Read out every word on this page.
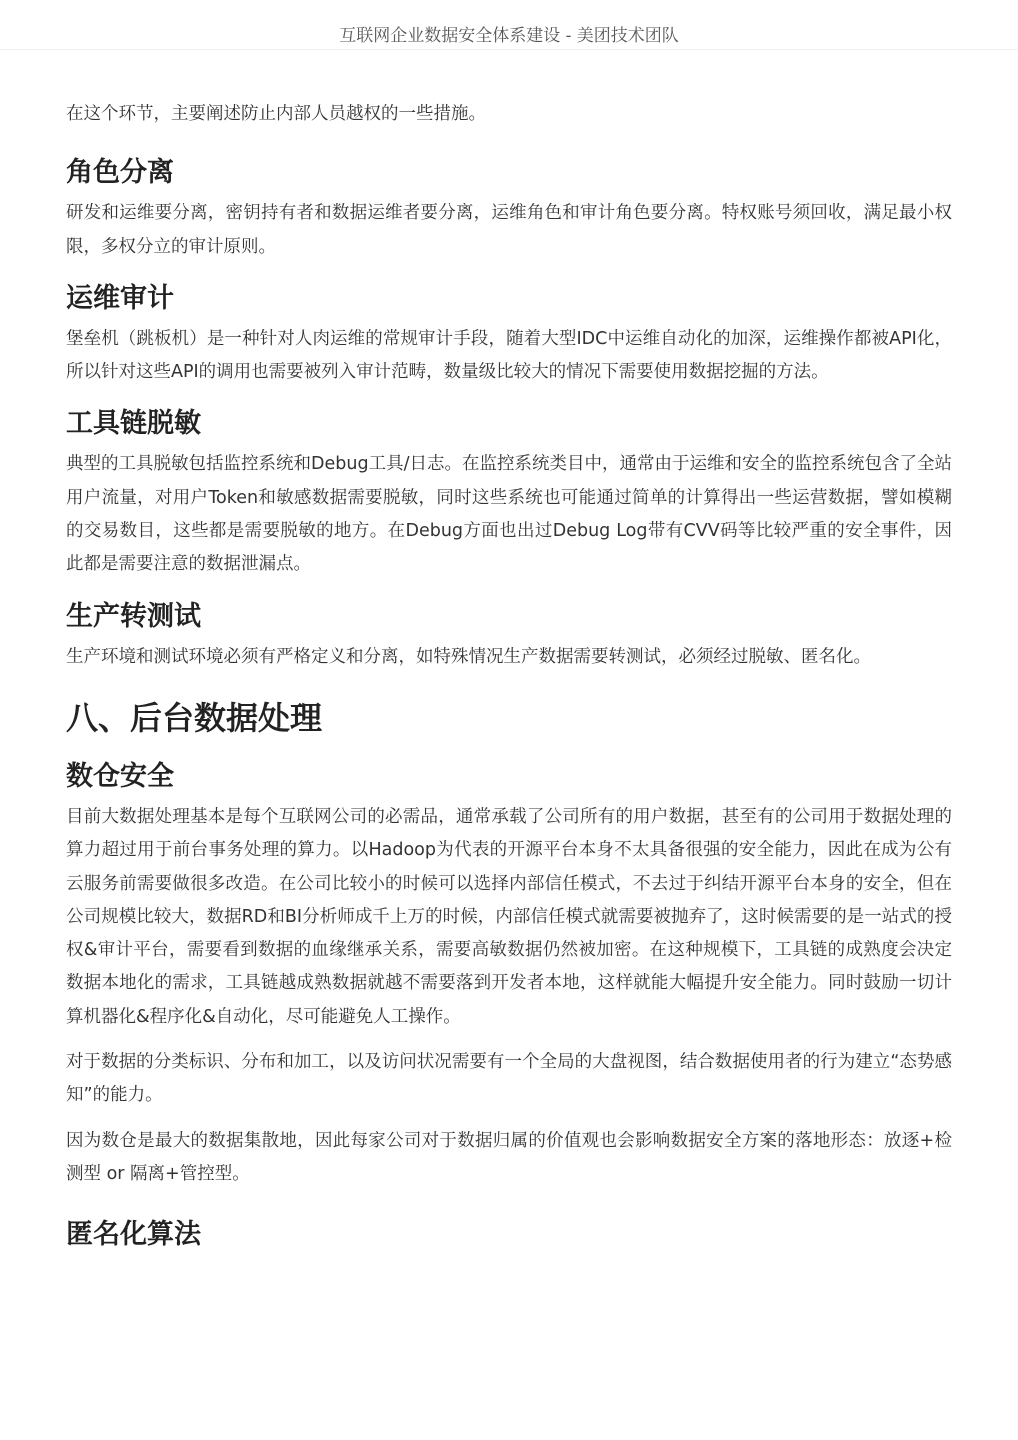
互联网企业数据安全体系建设 - 美团技术团队

在这个环节，主要阐述防止内部人员越权的一些措施。

角色分离

研发和运维要分离，密钥持有者和数据运维者要分离，运维角色和审计角色要分离。特权账号须回收，满足最小权限，多权分立的审计原则。

运维审计

堡垒机（跳板机）是一种针对人肉运维的常规审计手段，随着大型IDC中运维自动化的加深，运维操作都被API化，所以针对这些API的调用也需要被列入审计范畴，数量级比较大的情况下需要使用数据挖掘的方法。

工具链脱敏

典型的工具脱敏包括监控系统和Debug工具/日志。在监控系统类目中，通常由于运维和安全的监控系统包含了全站用户流量，对用户Token和敏感数据需要脱敏，同时这些系统也可能通过简单的计算得出一些运营数据，譬如模糊的交易数目，这些都是需要脱敏的地方。在Debug方面也出过Debug Log带有CVV码等比较严重的安全事件，因此都是需要注意的数据泄漏点。

生产转测试

生产环境和测试环境必须有严格定义和分离，如特殊情况生产数据需要转测试，必须经过脱敏、匿名化。

八、后台数据处理
数仓安全

目前大数据处理基本是每个互联网公司的必需品，通常承载了公司所有的用户数据，甚至有的公司用于数据处理的算力超过用于前台事务处理的算力。以Hadoop为代表的开源平台本身不太具备很强的安全能力，因此在成为公有云服务前需要做很多改造。在公司比较小的时候可以选择内部信任模式，不去过于纠结开源平台本身的安全，但在公司规模比较大，数据RD和BI分析师成千上万的时候，内部信任模式就需要被抛弃了，这时候需要的是一站式的授权&审计平台，需要看到数据的血缘继承关系，需要高敏数据仍然被加密。在这种规模下，工具链的成熟度会决定数据本地化的需求，工具链越成熟数据就越不需要落到开发者本地，这样就能大幅提升安全能力。同时鼓励一切计算机器化&程序化&自动化，尽可能避免人工操作。

对于数据的分类标识、分布和加工，以及访问状况需要有一个全局的大盘视图，结合数据使用者的行为建立“态势感知”的能力。

因为数仓是最大的数据集散地，因此每家公司对于数据归属的价值观也会影响数据安全方案的落地形态：放逐+检测型 or 隔离+管控型。

匿名化算法
